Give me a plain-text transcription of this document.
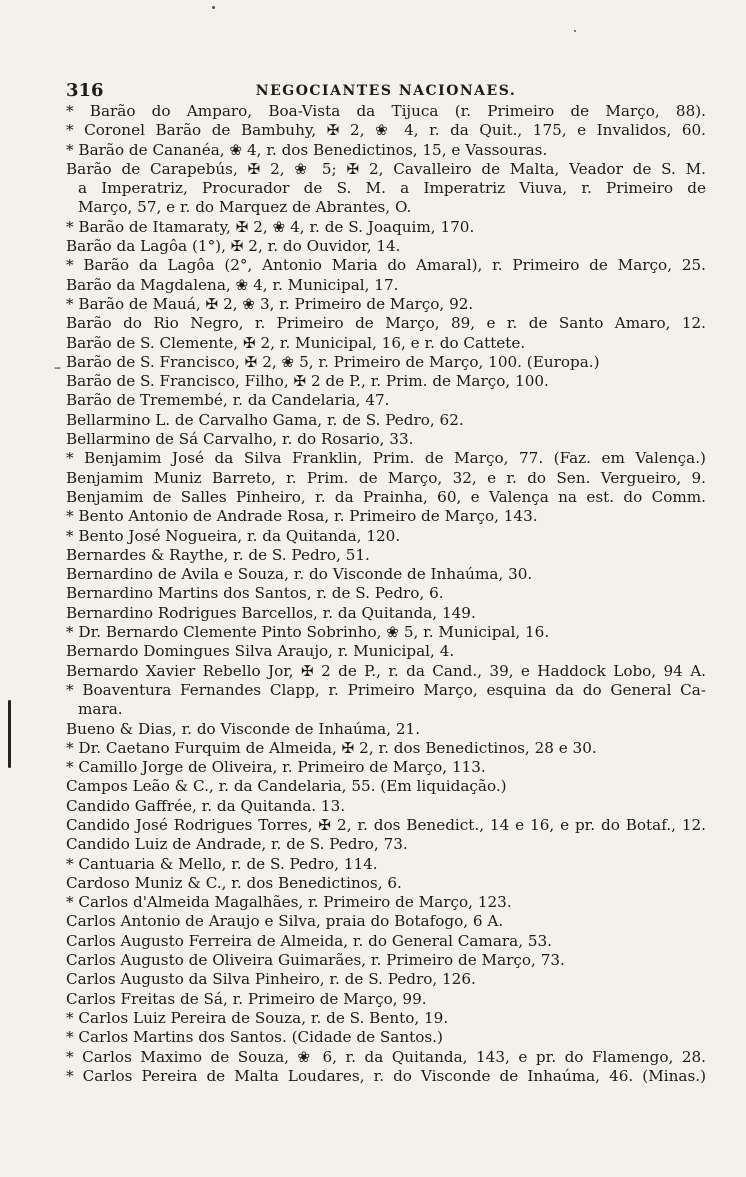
316	NEGOCIANTES NACIONAES.
* Barão do Amparo, Boa-Vista da Tijuca (r. Primeiro de Março, 88).
* Coronel Barão de Bambuhy, ✠ 2, ❀ 4, r. da Quit., 175, e Invalidos, 60.
* Barão de Cananéa, ❀ 4, r. dos Benedictinos, 15, e Vassouras.
Barão de Carapebús, ✠ 2, ❀ 5; ✠ 2, Cavalleiro de Malta, Veador de S. M.
a Imperatriz, Procurador de S. M. a Imperatriz Viuva, r. Primeiro de
Março, 57, e r. do Marquez de Abrantes, O.
* Barão de Itamaraty, ✠ 2, ❀ 4, r. de S. Joaquim, 170.
Barão da Lagôa (1°), ✠ 2, r. do Ouvidor, 14.
* Barão da Lagôa (2°, Antonio Maria do Amaral), r. Primeiro de Março, 25.
Barão da Magdalena, ❀ 4, r. Municipal, 17.
* Barão de Mauá, ✠ 2, ❀ 3, r. Primeiro de Março, 92.
Barão do Rio Negro, r. Primeiro de Março, 89, e r. de Santo Amaro, 12.
Barão de S. Clemente, ✠ 2, r. Municipal, 16, e r. do Cattete.
Barão de S. Francisco, ✠ 2, ❀ 5, r. Primeiro de Março, 100. (Europa.)
Barão de S. Francisco, Filho, ✠ 2 de P., r. Prim. de Março, 100.
Barão de Tremembé, r. da Candelaria, 47.
Bellarmino L. de Carvalho Gama, r. de S. Pedro, 62.
Bellarmino de Sá Carvalho, r. do Rosario, 33.
* Benjamim José da Silva Franklin, Prim. de Março, 77. (Faz. em Valença.)
Benjamim Muniz Barreto, r. Prim. de Março, 32, e r. do Sen. Vergueiro, 9.
Benjamim de Salles Pinheiro, r. da Prainha, 60, e Valença na est. do Comm.
* Bento Antonio de Andrade Rosa, r. Primeiro de Março, 143.
* Bento José Nogueira, r. da Quitanda, 120.
Bernardes & Raythe, r. de S. Pedro, 51.
Bernardino de Avila e Souza, r. do Visconde de Inhaúma, 30.
Bernardino Martins dos Santos, r. de S. Pedro, 6.
Bernardino Rodrigues Barcellos, r. da Quitanda, 149.
* Dr. Bernardo Clemente Pinto Sobrinho, ❀ 5, r. Municipal, 16.
Bernardo Domingues Silva Araujo, r. Municipal, 4.
Bernardo Xavier Rebello Jor, ✠ 2 de P., r. da Cand., 39, e Haddock Lobo, 94 A.
* Boaventura Fernandes Clapp, r. Primeiro Março, esquina da do General Ca-
mara.
Bueno & Dias, r. do Visconde de Inhaúma, 21.
* Dr. Caetano Furquim de Almeida, ✠ 2, r. dos Benedictinos, 28 e 30.
* Camillo Jorge de Oliveira, r. Primeiro de Março, 113.
Campos Leão & C., r. da Candelaria, 55. (Em liquidação.)
Candido Gaffrée, r. da Quitanda. 13.
Candido José Rodrigues Torres, ✠ 2, r. dos Benedict., 14 e 16, e pr. do Botaf., 12.
Candido Luiz de Andrade, r. de S. Pedro, 73.
* Cantuaria & Mello, r. de S. Pedro, 114.
Cardoso Muniz & C., r. dos Benedictinos, 6.
* Carlos d'Almeida Magalhães, r. Primeiro de Março, 123.
Carlos Antonio de Araujo e Silva, praia do Botafogo, 6 A.
Carlos Augusto Ferreira de Almeida, r. do General Camara, 53.
Carlos Augusto de Oliveira Guimarães, r. Primeiro de Março, 73.
Carlos Augusto da Silva Pinheiro, r. de S. Pedro, 126.
Carlos Freitas de Sá, r. Primeiro de Março, 99.
* Carlos Luiz Pereira de Souza, r. de S. Bento, 19.
* Carlos Martins dos Santos. (Cidade de Santos.)
* Carlos Maximo de Souza, ❀ 6, r. da Quitanda, 143, e pr. do Flamengo, 28.
* Carlos Pereira de Malta Loudares, r. do Visconde de Inhaúma, 46. (Minas.)
–
